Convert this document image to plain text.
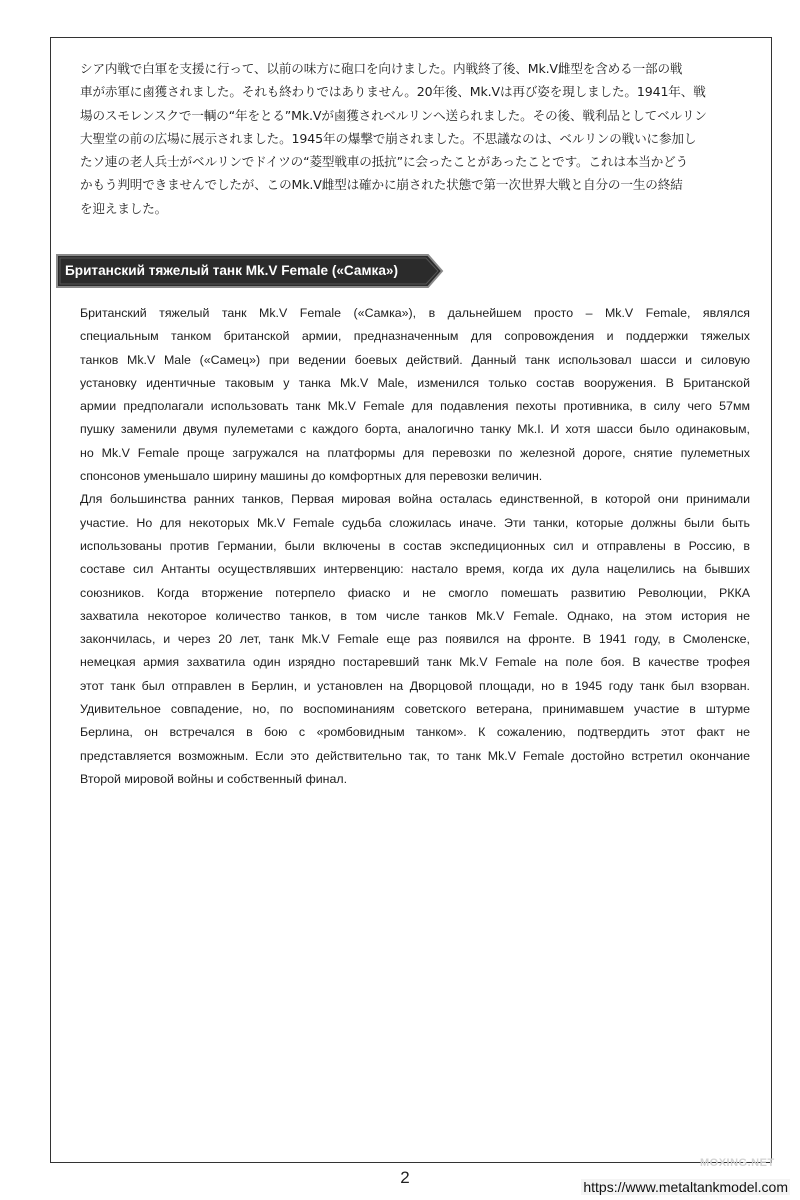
シア内戦で白軍を支援に行って、以前の味方に砲口を向けました。内戦終了後、Mk.V雌型を含める一部の戦

車が赤軍に鹵獲されました。それも終わりではありません。20年後、Mk.Vは再び姿を現しました。1941年、戦

場のスモレンスクで一輌の“年をとる”Mk.Vが鹵獲されベルリンへ送られました。その後、戦利品としてベルリン

大聖堂の前の広場に展示されました。1945年の爆撃で崩されました。不思議なのは、ベルリンの戦いに参加し

たソ連の老人兵士がベルリンでドイツの“菱型戦車の抵抗”に会ったことがあったことです。これは本当かどう

かもう判明できませんでしたが、このMk.V雌型は確かに崩された状態で第一次世界大戦と自分の一生の終結

を迎えました。

Британский тяжелый танк Mk.V Female («Самка»)

Британский тяжелый танк Mk.V Female («Самка»), в дальнейшем просто – Mk.V Female, являлся

специальным танком британской армии, предназначенным для сопровождения и поддержки тяжелых

танков Mk.V Male («Самец») при ведении боевых действий. Данный танк использовал шасси и силовую

установку идентичные таковым у танка Mk.V Male, изменился только состав вооружения. В Британской

армии предполагали использовать танк Mk.V Female для подавления пехоты противника, в силу чего 57мм

пушку заменили двумя пулеметами с каждого борта, аналогично танку Mk.I. И хотя шасси было одинаковым,

но Mk.V Female проще загружался на платформы для перевозки по железной дороге, снятие пулеметных

спонсонов уменьшало ширину машины до комфортных для перевозки величин.

Для большинства ранних танков, Первая мировая война осталась единственной, в которой они принимали

участие. Но для некоторых Mk.V Female судьба сложилась иначе. Эти танки, которые должны были быть

использованы против Германии, были включены в состав экспедиционных сил и отправлены в Россию, в

составе сил Антанты осуществлявших интервенцию: настало время, когда их дула нацелились на бывших

союзников. Когда вторжение потерпело фиаско и не смогло помешать развитию Революции, РККА

захватила некоторое количество танков, в том числе танков Mk.V Female. Однако, на этом история не

закончилась, и через 20 лет, танк Mk.V Female еще раз появился на фронте. В 1941 году, в Смоленске,

немецкая армия захватила один изрядно постаревший танк Mk.V Female на поле боя. В качестве трофея

этот танк был отправлен в Берлин, и установлен на Дворцовой площади, но в 1945 году танк был взорван.

Удивительное совпадение, но, по воспоминаниям советского ветерана, принимавшем участие в штурме

Берлина, он встречался в бою с «ромбовидным танком». К сожалению, подтвердить этот факт не

представляется возможным. Если это действительно так, то танк Mk.V Female достойно встретил окончание

Второй мировой войны и собственный финал.

2
MOXING.NET
https://www.metaltankmodel.com
